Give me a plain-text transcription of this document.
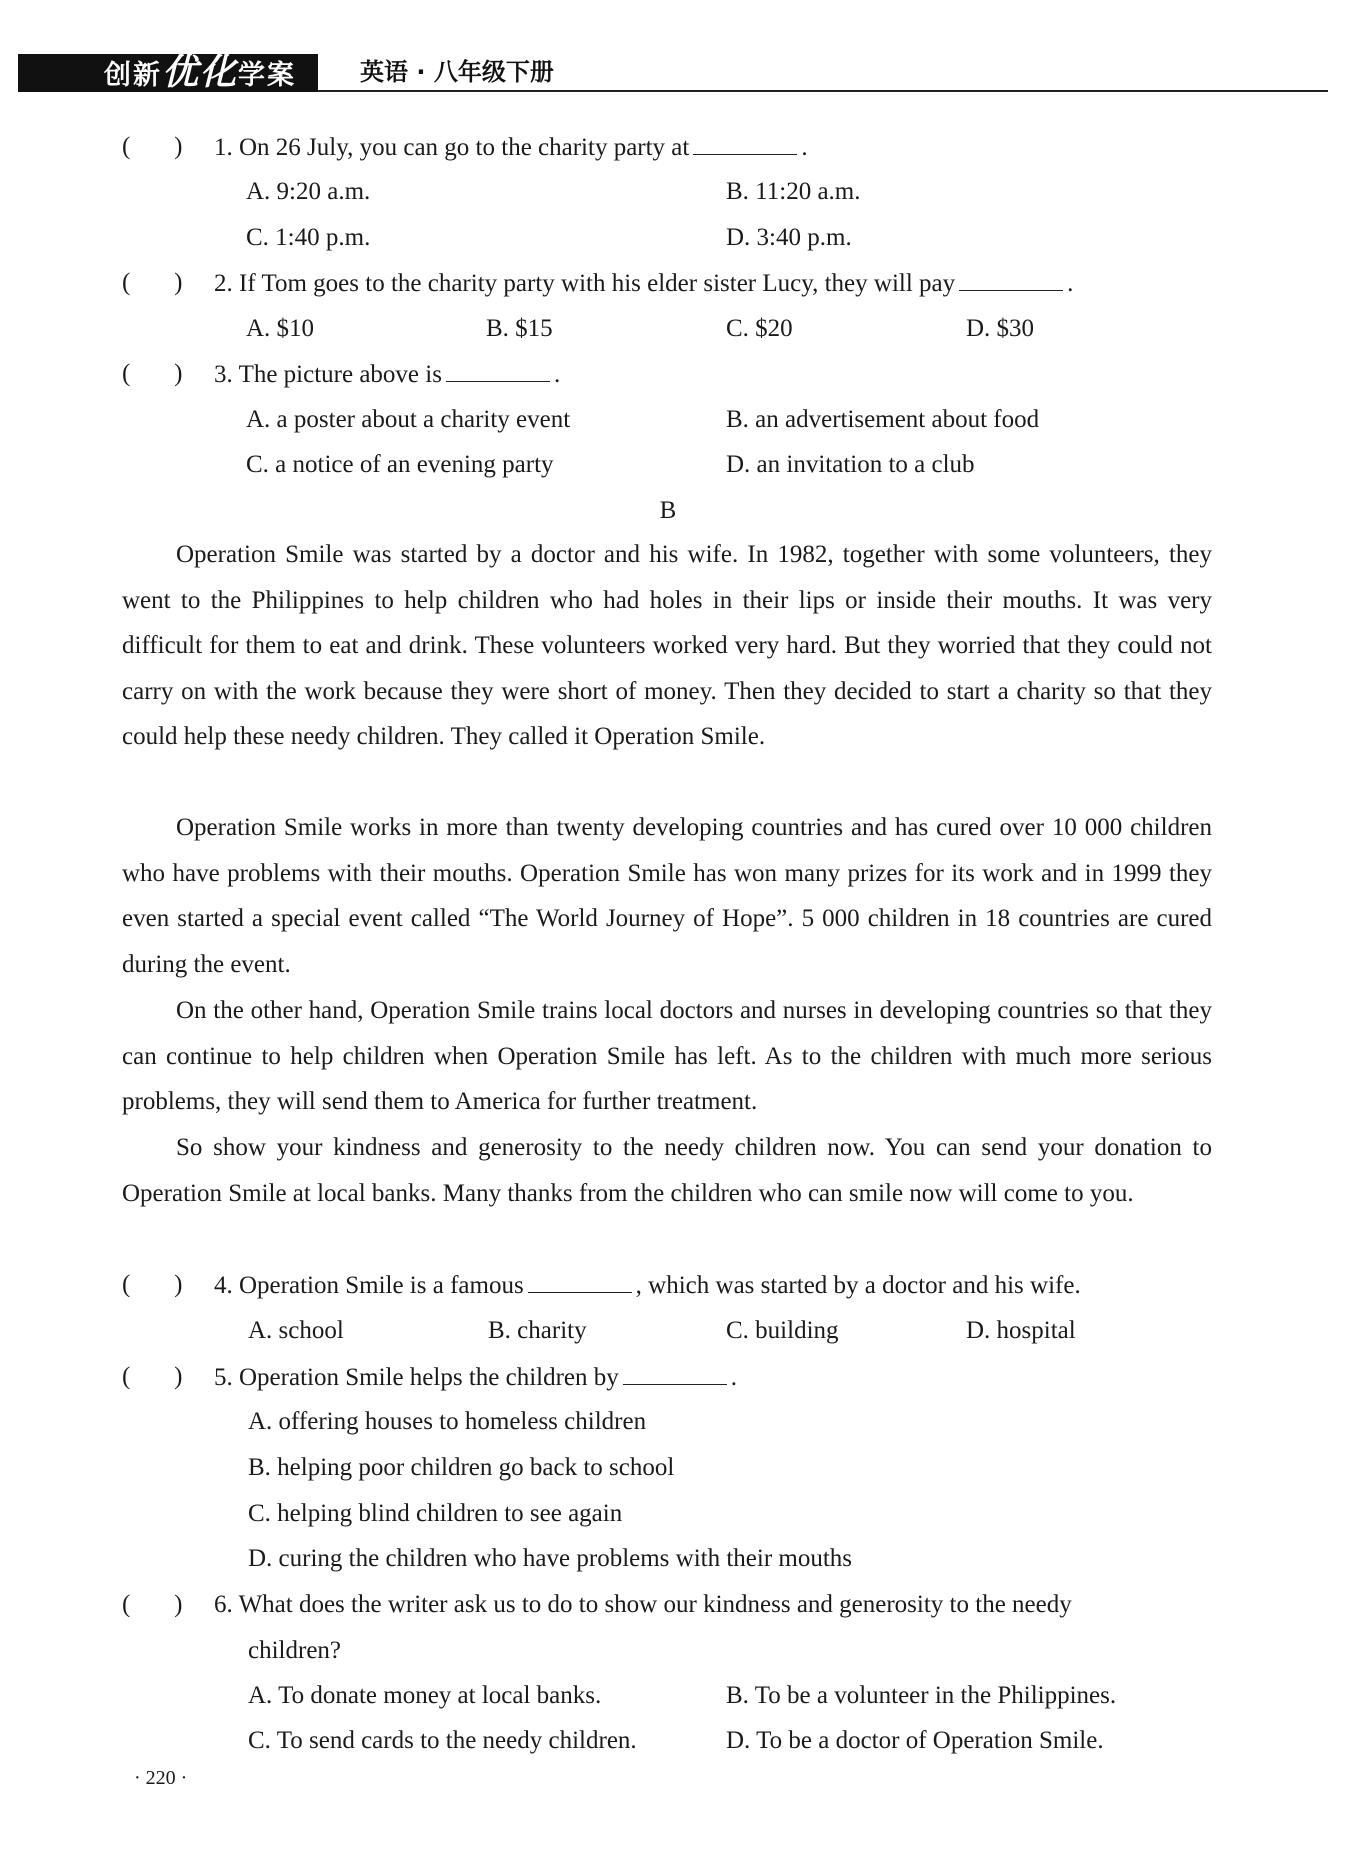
创新优化学案	英语 · 八年级下册
(       ) 1. On 26 July, you can go to the charity party at	.
A. 9:20 a.m.	B. 11:20 a.m.
C. 1:40 p.m.	D. 3:40 p.m.
(       ) 2. If Tom goes to the charity party with his elder sister Lucy, they will pay	.
A. $10	B. $15	C. $20	D. $30
(       ) 3. The picture above is	.
A. a poster about a charity event	B. an advertisement about food
C. a notice of an evening party	D. an invitation to a club
B
Operation Smile was started by a doctor and his wife. In 1982, together with some volunteers, they went to the Philippines to help children who had holes in their lips or inside their mouths. It was very difficult for them to eat and drink. These volunteers worked very hard. But they worried that they could not carry on with the work because they were short of money. Then they decided to start a charity so that they could help these needy children. They called it Operation Smile.
Operation Smile works in more than twenty developing countries and has cured over 10 000 children who have problems with their mouths. Operation Smile has won many prizes for its work and in 1999 they even started a special event called “The World Journey of Hope”. 5 000 children in 18 countries are cured during the event.
On the other hand, Operation Smile trains local doctors and nurses in developing countries so that they can continue to help children when Operation Smile has left. As to the children with much more serious problems, they will send them to America for further treatment.
So show your kindness and generosity to the needy children now. You can send your donation to Operation Smile at local banks. Many thanks from the children who can smile now will come to you.
(       ) 4. Operation Smile is a famous	, which was started by a doctor and his wife.
A. school	B. charity	C. building	D. hospital
(       ) 5. Operation Smile helps the children by	.
A. offering houses to homeless children
B. helping poor children go back to school
C. helping blind children to see again
D. curing the children who have problems with their mouths
(       ) 6. What does the writer ask us to do to show our kindness and generosity to the needy
children?
A. To donate money at local banks.	B. To be a volunteer in the Philippines.
C. To send cards to the needy children.	D. To be a doctor of Operation Smile.
· 220 ·
